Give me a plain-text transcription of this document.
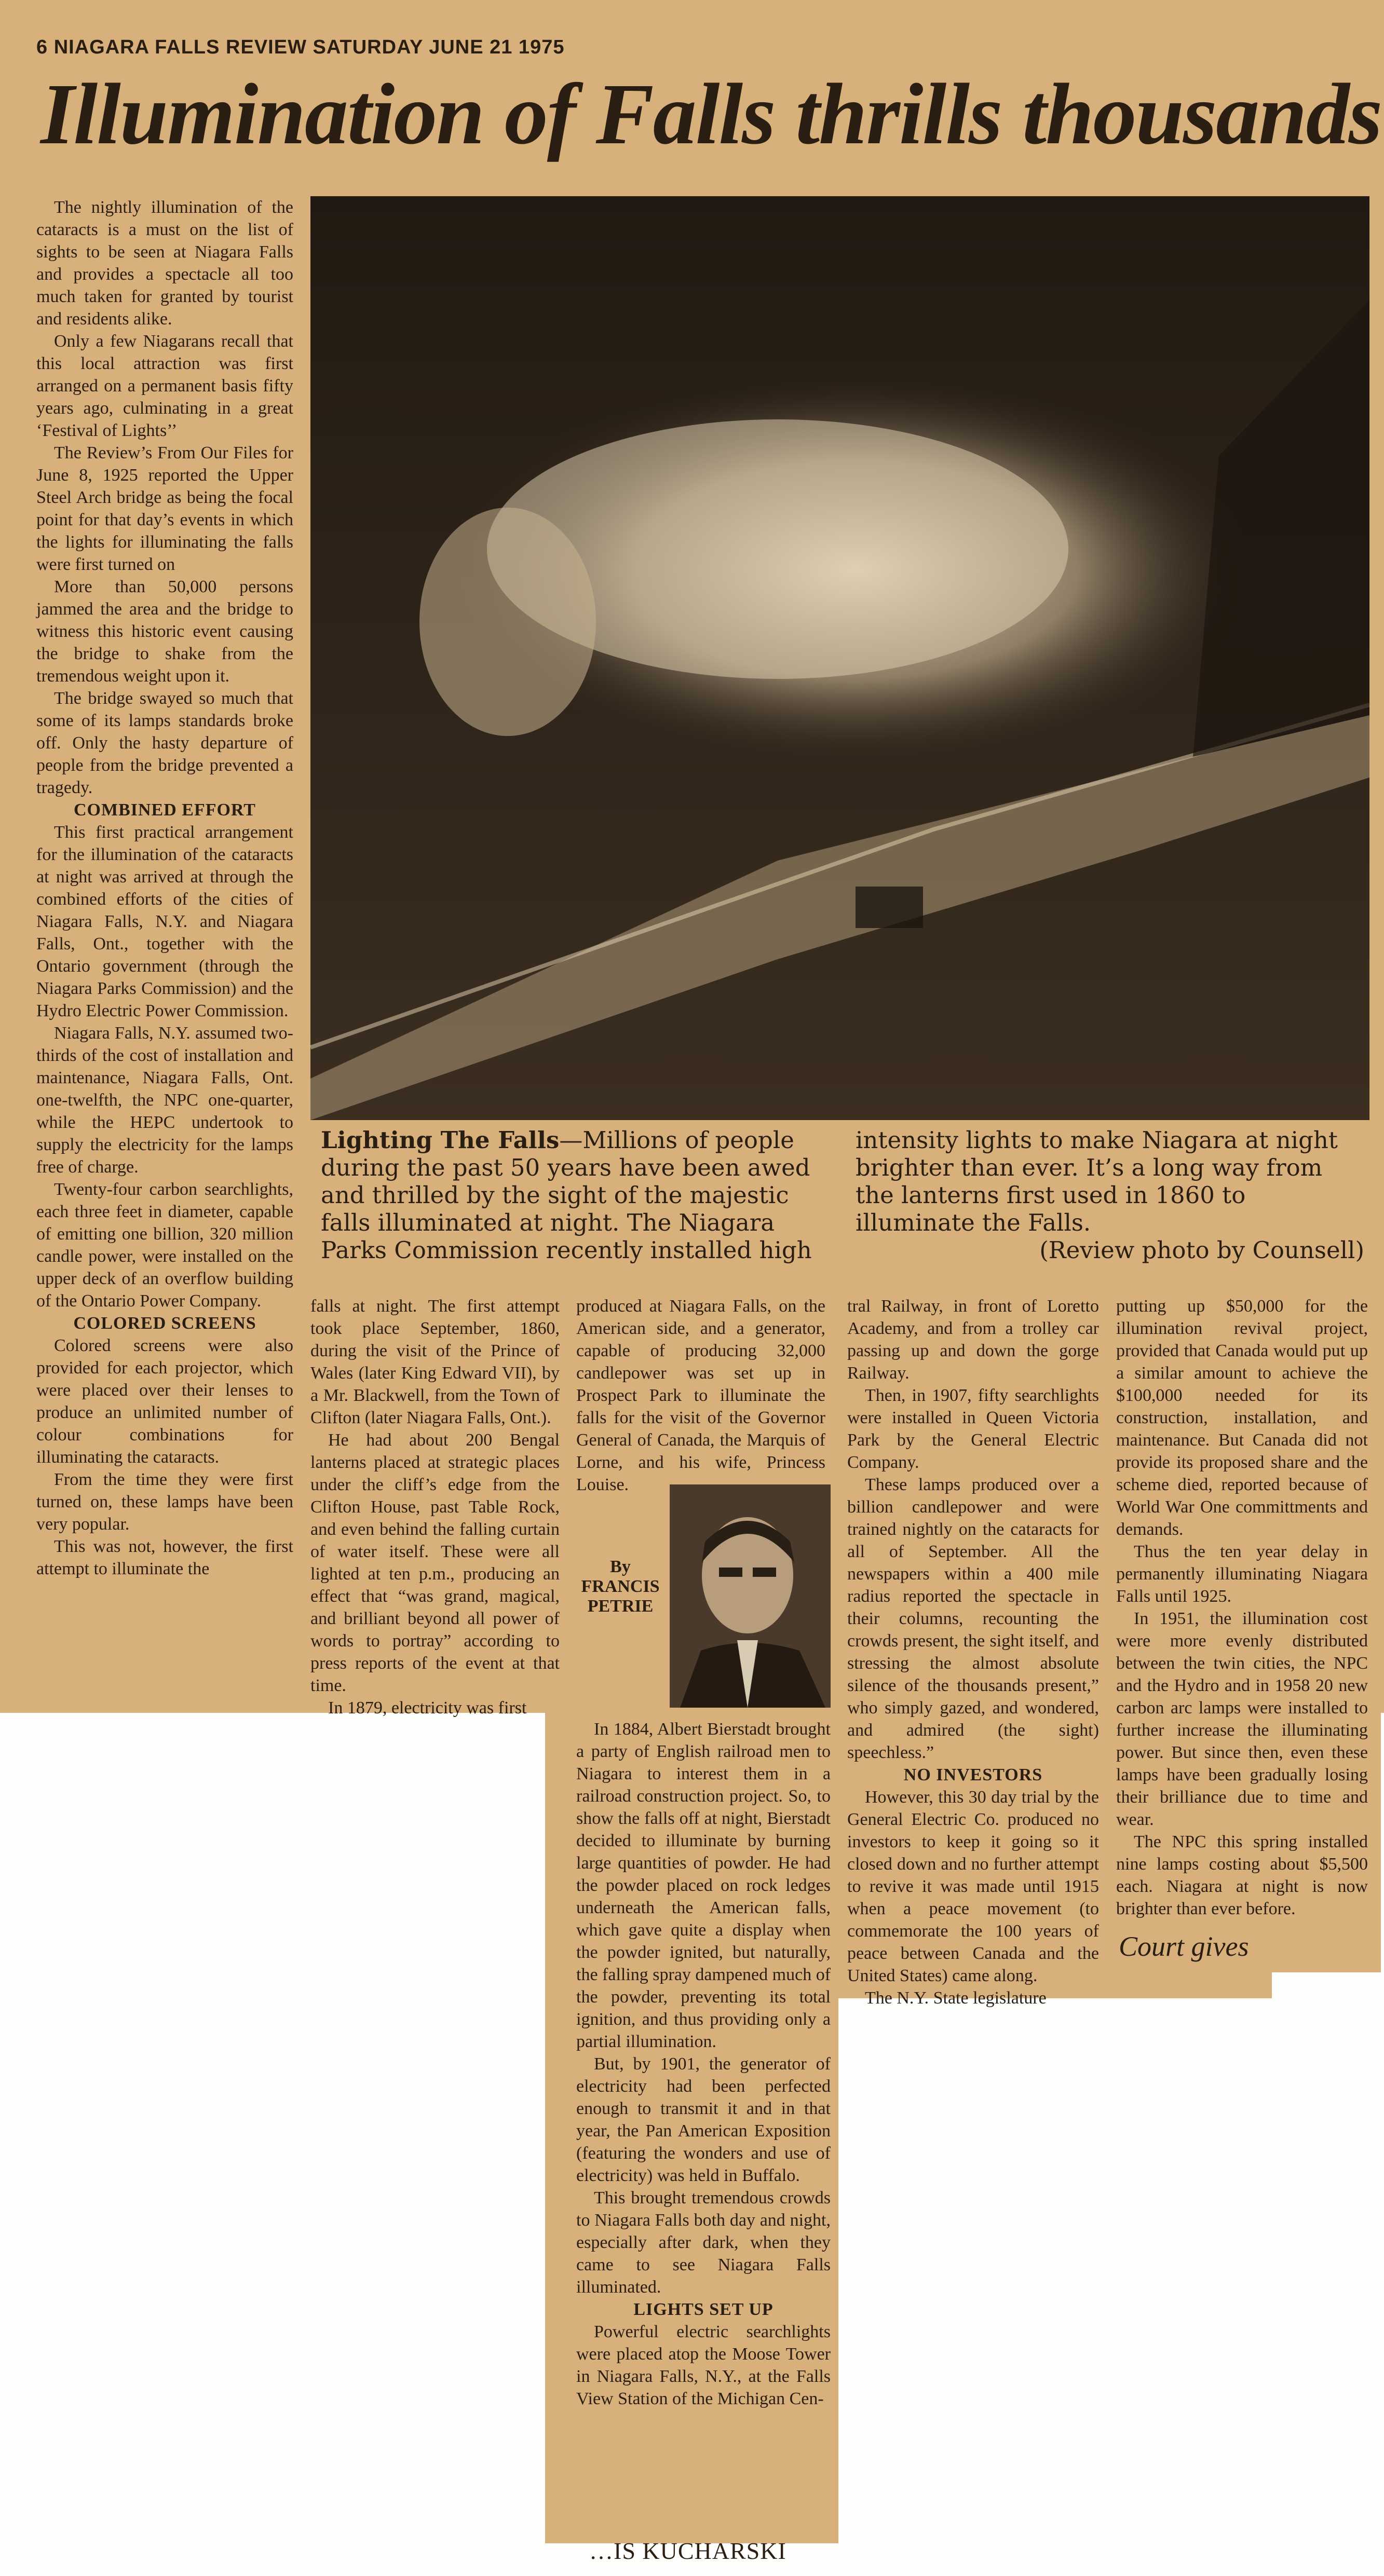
6 NIAGARA FALLS REVIEW SATURDAY JUNE 21 1975
Illumination of Falls thrills thousands
Lighting The Falls—Millions of people during the past 50 years have been awed and thrilled by the sight of the majestic falls illuminated at night. The Niagara Parks Commission recently installed high
intensity lights to make Niagara at night brighter than ever. It’s a long way from the lanterns first used in 1860 to illuminate the Falls.
(Review photo by Counsell)

The nightly illumination of the cataracts is a must on the list of sights to be seen at Niagara Falls and provides a spectacle all too much taken for granted by tourist and residents alike.

Only a few Niagarans recall that this local attraction was first arranged on a permanent basis fifty years ago, culminating in a great ‘Festival of Lights’’

The Review’s From Our Files for June 8, 1925 reported the Upper Steel Arch bridge as being the focal point for that day’s events in which the lights for illuminating the falls were first turned on

More than 50,000 persons jammed the area and the bridge to witness this historic event causing the bridge to shake from the tremendous weight upon it.

The bridge swayed so much that some of its lamps standards broke off. Only the hasty departure of people from the bridge prevented a tragedy.

COMBINED EFFORT

This first practical arrangement for the illumination of the cataracts at night was arrived at through the combined efforts of the cities of Niagara Falls, N.Y. and Niagara Falls, Ont., together with the Ontario government (through the Niagara Parks Commission) and the Hydro Electric Power Commission.

Niagara Falls, N.Y. assumed two-thirds of the cost of installation and maintenance, Niagara Falls, Ont. one-twelfth, the NPC one-quarter, while the HEPC undertook to supply the electricity for the lamps free of charge.

Twenty-four carbon searchlights, each three feet in diameter, capable of emitting one billion, 320 million candle power, were installed on the upper deck of an overflow building of the Ontario Power Company.

COLORED SCREENS

Colored screens were also provided for each projector, which were placed over their lenses to produce an unlimited number of colour combinations for illuminating the cataracts.

From the time they were first turned on, these lamps have been very popular.

This was not, however, the first attempt to illuminate the

falls at night. The first attempt took place September, 1860, during the visit of the Prince of Wales (later King Edward VII), by a Mr. Blackwell, from the Town of Clifton (later Niagara Falls, Ont.).

He had about 200 Bengal lanterns placed at strategic places under the cliff’s edge from the Clifton House, past Table Rock, and even behind the falling curtain of water itself. These were all lighted at ten p.m., producing an effect that “was grand, magical, and brilliant beyond all power of words to portray” according to press reports of the event at that time.

In 1879, electricity was first

produced at Niagara Falls, on the American side, and a generator, capable of producing 32,000 candlepower was set up in Prospect Park to illuminate the falls for the visit of the Governor General of Canada, the Marquis of Lorne, and his wife, Princess Louise.

By
FRANCIS PETRIE

In 1884, Albert Bierstadt brought a party of English railroad men to Niagara to interest them in a railroad construction project. So, to show the falls off at night, Bierstadt decided to illuminate by burning large quantities of powder. He had the powder placed on rock ledges underneath the American falls, which gave quite a display when the powder ignited, but naturally, the falling spray dampened much of the powder, preventing its total ignition, and thus providing only a partial illumination.

But, by 1901, the generator of electricity had been perfected enough to transmit it and in that year, the Pan American Exposition (featuring the wonders and use of electricity) was held in Buffalo.

This brought tremendous crowds to Niagara Falls both day and night, especially after dark, when they came to see Niagara Falls illuminated.

LIGHTS SET UP

Powerful electric searchlights were placed atop the Moose Tower in Niagara Falls, N.Y., at the Falls View Station of the Michigan Cen-

tral Railway, in front of Loretto Academy, and from a trolley car passing up and down the gorge Railway.

Then, in 1907, fifty searchlights were installed in Queen Victoria Park by the General Electric Company.

These lamps produced over a billion candlepower and were trained nightly on the cataracts for all of September. All the newspapers within a 400 mile radius reported the spectacle in their columns, recounting the crowds present, the sight itself, and stressing the almost absolute silence of the thousands present,” who simply gazed, and wondered, and admired (the sight) speechless.”

NO INVESTORS

However, this 30 day trial by the General Electric Co. produced no investors to keep it going so it closed down and no further attempt to revive it was made until 1915 when a peace movement (to commemorate the 100 years of peace between Canada and the United States) came along.

The N.Y. State legislature

putting up $50,000 for the illumination revival project, provided that Canada would put up a similar amount to achieve the $100,000 needed for its construction, installation, and maintenance. But Canada did not provide its proposed share and the scheme died, reported because of World War One committments and demands.

Thus the ten year delay in permanently illuminating Niagara Falls until 1925.

In 1951, the illumination cost were more evenly distributed between the twin cities, the NPC and the Hydro and in 1958 20 new carbon arc lamps were installed to further increase the illuminating power. But since then, even these lamps have been gradually losing their brilliance due to time and wear.

The NPC this spring installed nine lamps costing about $5,500 each. Niagara at night is now brighter than ever before.

Court gives
…IS KUCHARSKI
